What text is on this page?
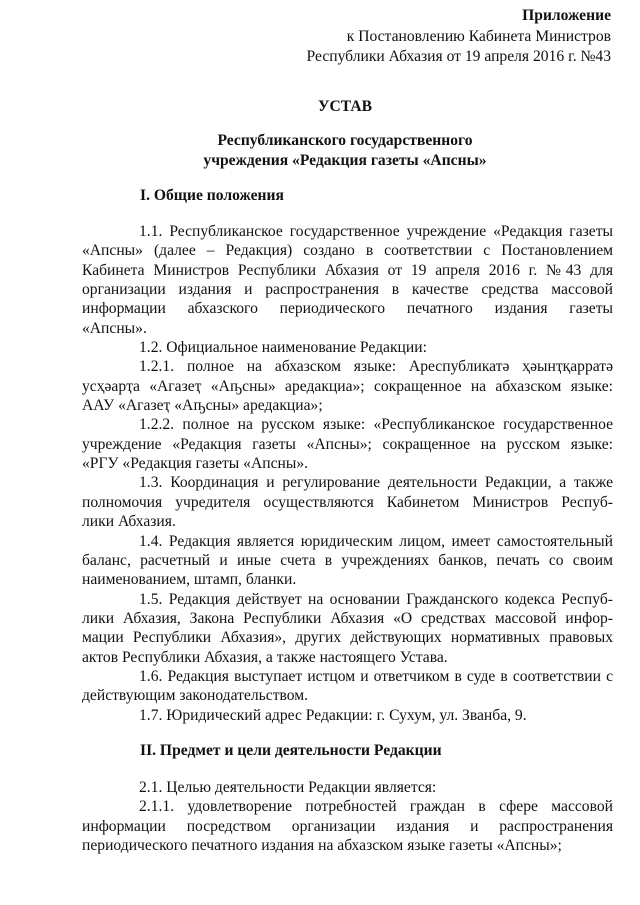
Приложение
к Постановлению Кабинета Министров
Республики Абхазия от 19 апреля 2016 г. №43
УСТАВ
Республиканского государственного
учреждения «Редакция газеты «Апсны»
I. Общие положения
1.1. Республиканское государственное учреждение «Редакция газеты
«Апсны» (далее – Редакция) создано в соответствии с Постановлением
Кабинета Министров Республики Абхазия от 19 апреля 2016 г. №43 для
организации издания и распространения в качестве средства массовой
информации абхазского периодического печатного издания газеты
«Апсны».
1.2. Официальное наименование Редакции:
1.2.1. полное на абхазском языке: Ареспубликатә ҳәынҭқарратә
усҳәарҭа «Агазеҭ «Аҧсны» аредакциа»; сокращенное на абхазском языке:
ААУ «Агазеҭ «Аҧсны» аредакциа»;
1.2.2. полное на русском языке: «Республиканское государственное
учреждение «Редакция газеты «Апсны»; сокращенное на русском языке:
«РГУ «Редакция газеты «Апсны».
1.3. Координация и регулирование деятельности Редакции, а также
полномочия учредителя осуществляются Кабинетом Министров Респуб-
лики Абхазия.
1.4. Редакция является юридическим лицом, имеет самостоятельный
баланс, расчетный и иные счета в учреждениях банков, печать со своим
наименованием, штамп, бланки.
1.5. Редакция действует на основании Гражданского кодекса Респуб-
лики Абхазия, Закона Республики Абхазия «О средствах массовой инфор-
мации Республики Абхазия», других действующих нормативных правовых
актов Республики Абхазия, а также настоящего Устава.
1.6. Редакция выступает истцом и ответчиком в суде в соответствии с
действующим законодательством.
1.7. Юридический адрес Редакции: г. Сухум, ул. Званба, 9.
II. Предмет и цели деятельности Редакции
2.1. Целью деятельности Редакции является:
2.1.1. удовлетворение потребностей граждан в сфере массовой
информации посредством организации издания и распространения
периодического печатного издания на абхазском языке газеты «Апсны»;
